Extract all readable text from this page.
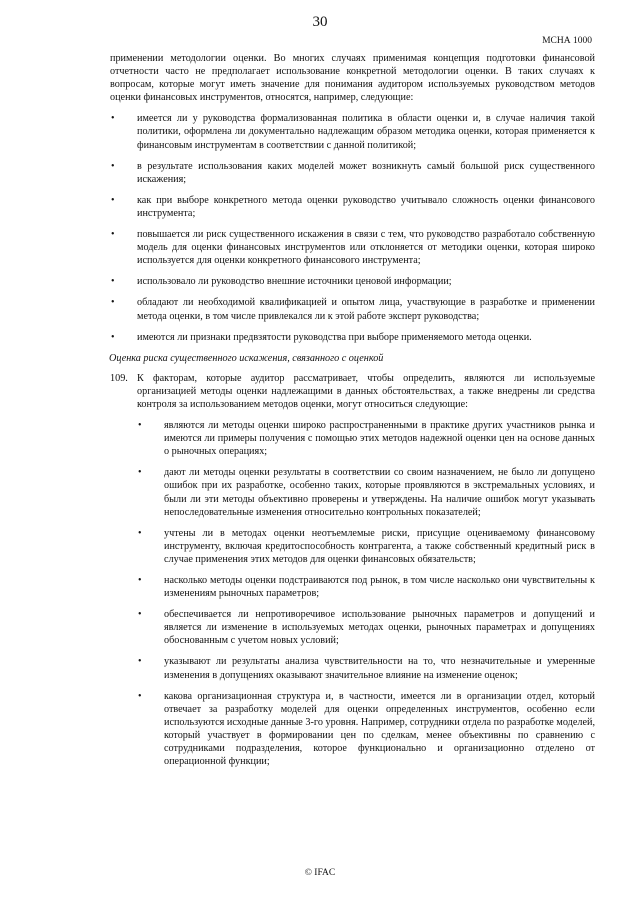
30
МСНА 1000

применении методологии оценки. Во многих случаях применимая концепция подготовки финансовой отчетности часто не предполагает использование конкретной методологии оценки. В таких случаях к вопросам, которые могут иметь значение для понимания аудитором используемых руководством методов оценки финансовых инструментов, относятся, например, следующие:

• имеется ли у руководства формализованная политика в области оценки и, в случае наличия такой политики, оформлена ли документально надлежащим образом методика оценки, которая применяется к финансовым инструментам в соответствии с данной политикой;
• в результате использования каких моделей может возникнуть самый большой риск существенного искажения;
• как при выборе конкретного метода оценки руководство учитывало сложность оценки финансового инструмента;
• повышается ли риск существенного искажения в связи с тем, что руководство разработало собственную модель для оценки финансовых инструментов или отклоняется от методики оценки, которая широко используется для оценки конкретного финансового инструмента;
• использовало ли руководство внешние источники ценовой информации;
• обладают ли необходимой квалификацией и опытом лица, участвующие в разработке и применении метода оценки, в том числе привлекался ли к этой работе эксперт руководства;
• имеются ли признаки предвзятости руководства при выборе применяемого метода оценки.

Оценка риска существенного искажения, связанного с оценкой

109. К факторам, которые аудитор рассматривает, чтобы определить, являются ли используемые организацией методы оценки надлежащими в данных обстоятельствах, а также внедрены ли средства контроля за использованием методов оценки, могут относиться следующие:
• являются ли методы оценки широко распространенными в практике других участников рынка и имеются ли примеры получения с помощью этих методов надежной оценки цен на основе данных о рыночных операциях;
• дают ли методы оценки результаты в соответствии со своим назначением, не было ли допущено ошибок при их разработке, особенно таких, которые проявляются в экстремальных условиях, и были ли эти методы объективно проверены и утверждены. На наличие ошибок могут указывать непоследовательные изменения относительно контрольных показателей;
• учтены ли в методах оценки неотъемлемые риски, присущие оцениваемому финансовому инструменту, включая кредитоспособность контрагента, а также собственный кредитный риск в случае применения этих методов для оценки финансовых обязательств;
• насколько методы оценки подстраиваются под рынок, в том числе насколько они чувствительны к изменениям рыночных параметров;
• обеспечивается ли непротиворечивое использование рыночных параметров и допущений и является ли изменение в используемых методах оценки, рыночных параметрах и допущениях обоснованным с учетом новых условий;
• указывают ли результаты анализа чувствительности на то, что незначительные и умеренные изменения в допущениях оказывают значительное влияние на изменение оценок;
• какова организационная структура и, в частности, имеется ли в организации отдел, который отвечает за разработку моделей для оценки определенных инструментов, особенно если используются исходные данные 3-го уровня. Например, сотрудники отдела по разработке моделей, который участвует в формировании цен по сделкам, менее объективны по сравнению с сотрудниками подразделения, которое функционально и организационно отделено от операционной функции;
© IFAC
